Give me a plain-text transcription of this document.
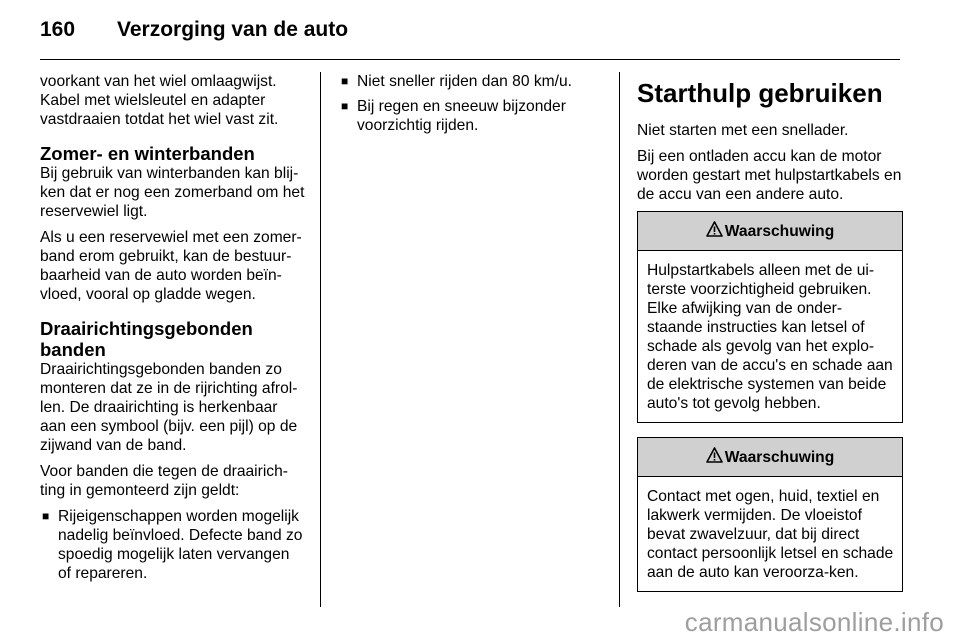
160 Verzorging van de auto

voorkant van het wiel omlaagwijst. Kabel met wielsleutel en adapter vastdraaien totdat het wiel vast zit.

Zomer- en winterbanden

Bij gebruik van winterbanden kan blij-ken dat er nog een zomerband om het reservewiel ligt.

Als u een reservewiel met een zomer-band erom gebruikt, kan de bestuur-baarheid van de auto worden beïn-vloed, vooral op gladde wegen.

Draairichtingsgebonden banden

Draairichtingsgebonden banden zo monteren dat ze in de rijrichting afrol-len. De draairichting is herkenbaar aan een symbool (bijv. een pijl) op de zijwand van de band.

Voor banden die tegen de draairich-ting in gemonteerd zijn geldt:

■ Rijeigenschappen worden mogelijk nadelig beïnvloed. Defecte band zo spoedig mogelijk laten vervangen of repareren.
■ Niet sneller rijden dan 80 km/u.
■ Bij regen en sneeuw bijzonder voorzichtig rijden.
Starthulp gebruiken

Niet starten met een snellader.

Bij een ontladen accu kan de motor worden gestart met hulpstartkabels en de accu van een andere auto.

Waarschuwing
Hulpstartkabels alleen met de ui-terste voorzichtigheid gebruiken. Elke afwijking van de onder-staande instructies kan letsel of schade als gevolg van het explo-deren van de accu's en schade aan de elektrische systemen van beide auto's tot gevolg hebben.
Waarschuwing
Contact met ogen, huid, textiel en lakwerk vermijden. De vloeistof bevat zwavelzuur, dat bij direct contact persoonlijk letsel en schade aan de auto kan veroorza-ken.
carmanualsonline.info
